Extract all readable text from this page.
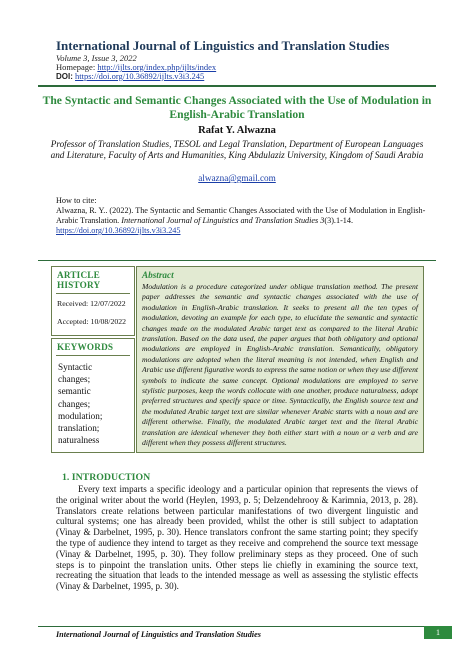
International Journal of Linguistics and Translation Studies
Volume 3, Issue 3, 2022
Homepage: http://ijlts.org/index.php/ijlts/index
DOI: https://doi.org/10.36892/ijlts.v3i3.245
The Syntactic and Semantic Changes Associated with the Use of Modulation in English-Arabic Translation
Rafat Y. Alwazna
Professor of Translation Studies, TESOL and Legal Translation, Department of European Languages and Literature, Faculty of Arts and Humanities, King Abdulaziz University, Kingdom of Saudi Arabia
alwazna@gmail.com
How to cite:
Alwazna, R. Y.. (2022). The Syntactic and Semantic Changes Associated with the Use of Modulation in English-Arabic Translation. International Journal of Linguistics and Translation Studies 3(3).1-14.
https://doi.org/10.36892/ijlts.v3i3.245
ARTICLE HISTORY
Received: 12/07/2022
Accepted: 10/08/2022
KEYWORDS
Syntactic
changes;
semantic
changes;
modulation;
translation;
naturalness
Abstract
Modulation is a procedure categorized under oblique translation method. The present paper addresses the semantic and syntactic changes associated with the use of modulation in English-Arabic translation. It seeks to present all the ten types of modulation, devoting an example for each type, to elucidate the semantic and syntactic changes made on the modulated Arabic target text as compared to the literal Arabic translation. Based on the data used, the paper argues that both obligatory and optional modulations are employed in English-Arabic translation. Semantically, obligatory modulations are adopted when the literal meaning is not intended, when English and Arabic use different figurative words to express the same notion or when they use different symbols to indicate the same concept. Optional modulations are employed to serve stylistic purposes, keep the words collocate with one another, produce naturalness, adopt preferred structures and specify space or time. Syntactically, the English source text and the modulated Arabic target text are similar whenever Arabic starts with a noun and are different otherwise. Finally, the modulated Arabic target text and the literal Arabic translation are identical whenever they both either start with a noun or a verb and are different when they possess different structures.
1. INTRODUCTION
Every text imparts a specific ideology and a particular opinion that represents the views of the original writer about the world (Heylen, 1993, p. 5; Delzendehrooy & Karimnia, 2013, p. 28). Translators create relations between particular manifestations of two divergent linguistic and cultural systems; one has already been provided, whilst the other is still subject to adaptation (Vinay & Darbelnet, 1995, p. 30). Hence translators confront the same starting point; they specify the type of audience they intend to target as they receive and comprehend the source text message (Vinay & Darbelnet, 1995, p. 30). They follow preliminary steps as they proceed. One of such steps is to pinpoint the translation units. Other steps lie chiefly in examining the source text, recreating the situation that leads to the intended message as well as assessing the stylistic effects (Vinay & Darbelnet, 1995, p. 30).
International Journal of Linguistics and Translation Studies	1
